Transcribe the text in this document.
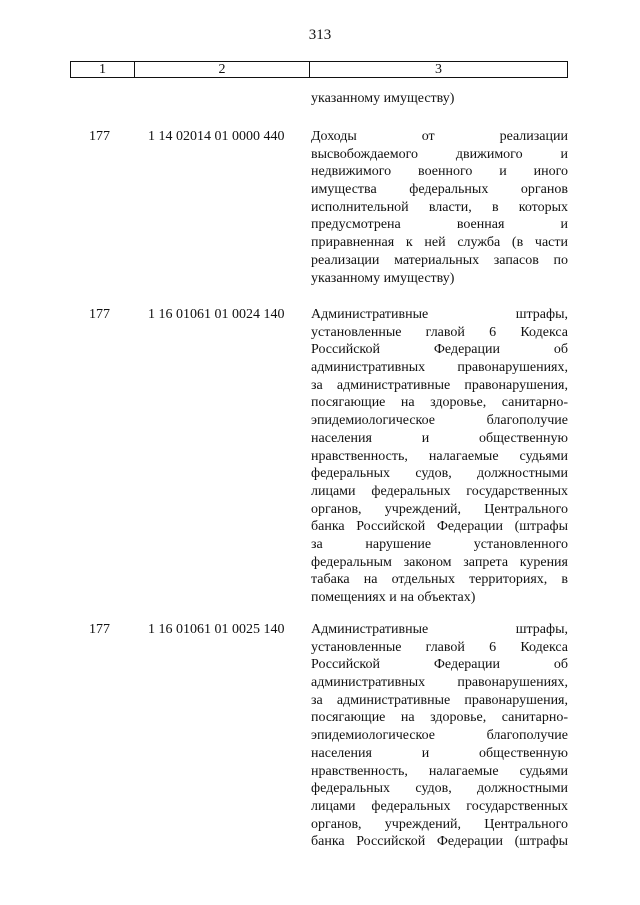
313
1	2	3
указанному имуществу)
177	1 14 02014 01 0000 440 Доходы от реализации
высвобождаемого движимого и
недвижимого военного и иного
имущества федеральных органов
исполнительной власти, в которых
предусмотрена военная и
приравненная к ней служба (в части
реализации материальных запасов по
указанному имуществу)
177	1 16 01061 01 0024 140 Административные штрафы,
установленные главой 6 Кодекса
Российской Федерации об
административных правонарушениях,
за административные правонарушения,
посягающие на здоровье, санитарно-
эпидемиологическое благополучие
населения и общественную
нравственность, налагаемые судьями
федеральных судов, должностными
лицами федеральных государственных
органов, учреждений, Центрального
банка Российской Федерации (штрафы
за нарушение установленного
федеральным законом запрета курения
табака на отдельных территориях, в
помещениях и на объектах)
177	1 16 01061 01 0025 140 Административные штрафы,
установленные главой 6 Кодекса
Российской Федерации об
административных правонарушениях,
за административные правонарушения,
посягающие на здоровье, санитарно-
эпидемиологическое благополучие
населения и общественную
нравственность, налагаемые судьями
федеральных судов, должностными
лицами федеральных государственных
органов, учреждений, Центрального
банка Российской Федерации (штрафы
